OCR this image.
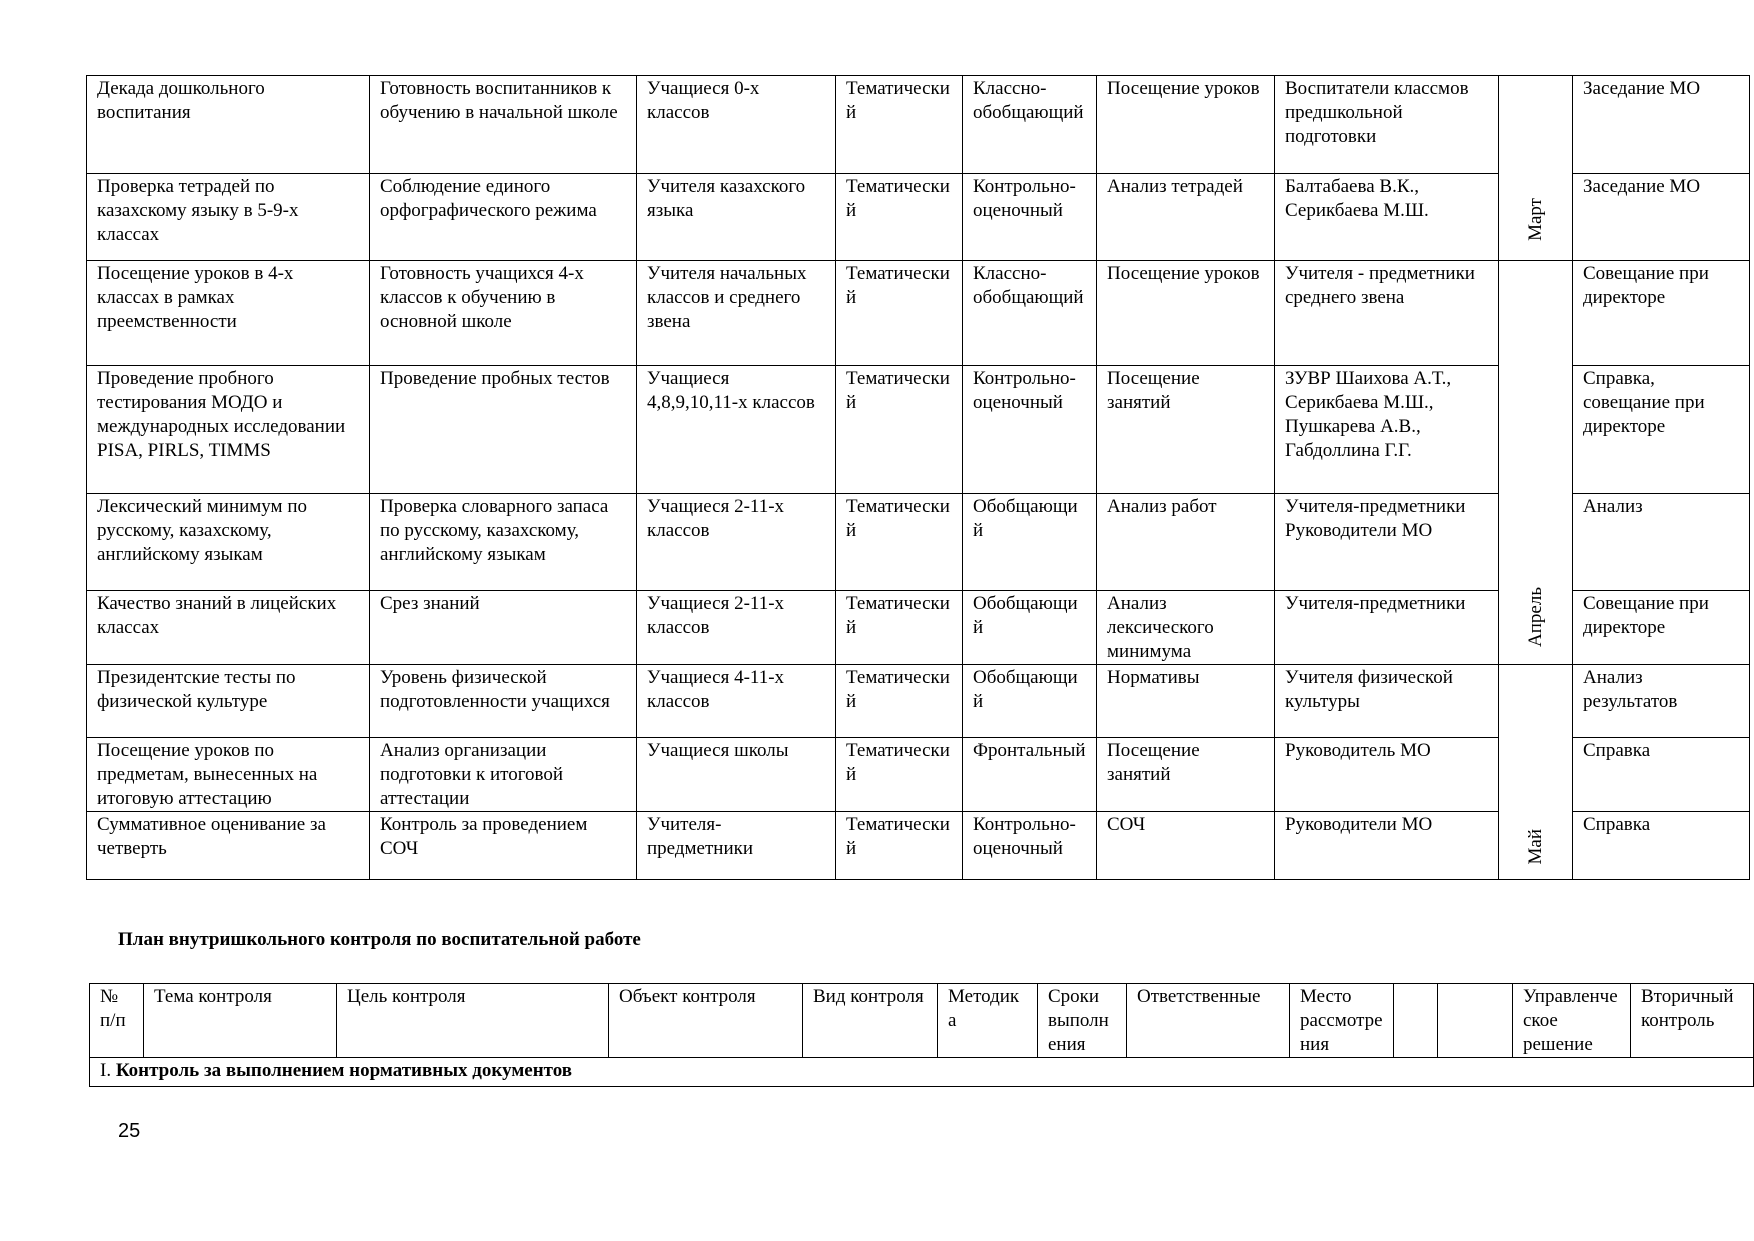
Декада дошкольного воспитания	Готовность воспитанников к обучению в начальной школе	Учащиеся 0-х классов	Тематический	Классно-обобщающий	Посещение уроков	Воспитатели классмов предшкольной подготовки	Март	Заседание МО
Проверка тетрадей по казахскому языку в 5-9-х классах	Соблюдение единого орфографического режима	Учителя казахского языка	Тематический	Контрольно-оценочный	Анализ тетрадей	Балтабаева В.К., Серикбаева М.Ш.		Заседание МО
Посещение уроков в 4-х классах в рамках преемственности	Готовность учащихся 4-х классов к обучению в основной школе	Учителя начальных классов и среднего звена	Тематический	Классно-обобщающий	Посещение уроков	Учителя - предметники среднего звена	Апрель	Совещание при директоре
Проведение пробного тестирования МОДО и международных исследовании PISA, PIRLS, TIMMS	Проведение пробных тестов	Учащиеся 4,8,9,10,11-х классов	Тематический	Контрольно-оценочный	Посещение занятий	ЗУВР Шаихова А.Т., Серикбаева М.Ш., Пушкарева А.В., Габдоллина Г.Г.		Справка, совещание при директоре
Лексический минимум по русскому, казахскому, английскому языкам	Проверка словарного запаса по русскому, казахскому, английскому языкам	Учащиеся 2-11-х классов	Тематический	Обобщающий	Анализ работ	Учителя-предметники Руководители МО		Анализ
Качество знаний в лицейских классах	Срез знаний	Учащиеся 2-11-х классов	Тематический	Обобщающий	Анализ лексического минимума	Учителя-предметники		Совещание при директоре
Президентские тесты по физической культуре	Уровень физической подготовленности учащихся	Учащиеся 4-11-х классов	Тематический	Обобщающий	Нормативы	Учителя физической культуры	Май	Анализ результатов
Посещение уроков по предметам, вынесенных на итоговую аттестацию	Анализ организации подготовки к итоговой аттестации	Учащиеся школы	Тематический	Фронтальный	Посещение занятий	Руководитель МО		Справка
Суммативное оценивание за четверть	Контроль за проведением СОЧ	Учителя-предметники	Тематический	Контрольно-оценочный	СОЧ	Руководители МО		Справка
План внутришкольного контроля по воспитательной работе
№ п/п	Тема контроля	Цель контроля	Объект контроля	Вид контроля	Методика	Сроки выполнения	Ответственные	Место рассмотрения			Управленческое решение	Вторичный контроль
I. Контроль за выполнением нормативных документов
25
